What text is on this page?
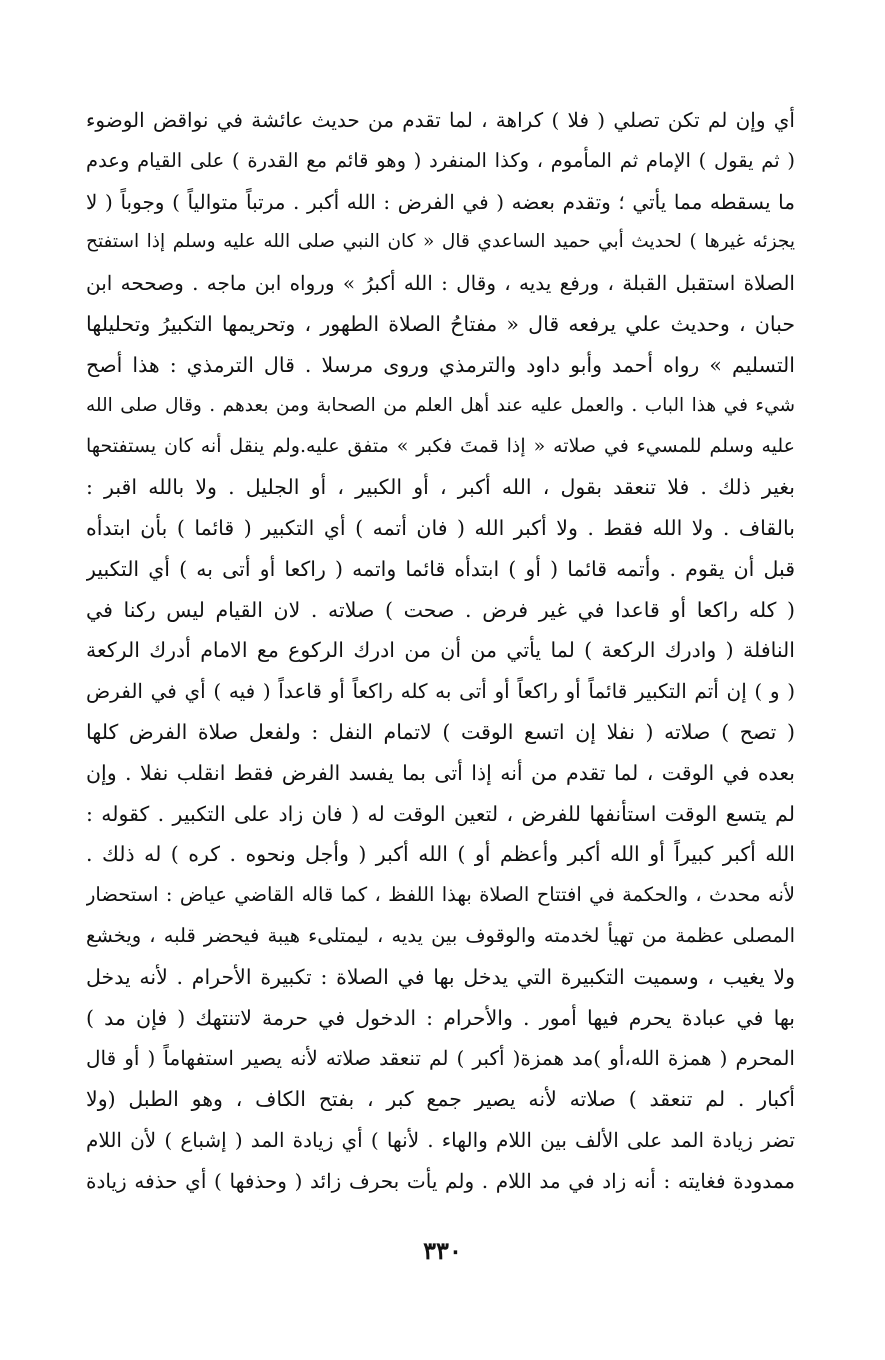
أي وإن لم تكن تصلي ( فلا ) كراهة ، لما تقدم من حديث عائشة في نواقض الوضوء
( ثم يقول ) الإمام ثم المأموم ، وكذا المنفرد ( وهو قائم مع القدرة ) على القيام وعدم
ما يسقطه مما يأتي ؛ وتقدم بعضه ( في الفرض : الله أكبر . مرتباً متوالياً ) وجوباً ( لا
يجزئه غيرها ) لحديث أبي حميد الساعدي قال « كان النبي صلى الله عليه وسلم إذا استفتح
الصلاة استقبل القبلة ، ورفع يديه ، وقال : الله أكبرُ » ورواه ابن ماجه . وصححه ابن
حبان ، وحديث علي يرفعه قال « مفتاحُ الصلاة الطهور ، وتحريمها التكبيرُ وتحليلها
التسليم » رواه أحمد وأبو داود والترمذي وروى مرسلا . قال الترمذي : هذا أصح
شيء في هذا الباب . والعمل عليه عند أهل العلم من الصحابة ومن بعدهم . وقال صلى الله
عليه وسلم للمسيء في صلاته « إذا قمتَ فكبر » متفق عليه.ولم ينقل أنه كان يستفتحها
بغير ذلك . فلا تنعقد بقول ، الله أكبر ، أو الكبير ، أو الجليل . ولا بالله اقبر :
بالقاف . ولا الله فقط . ولا أكبر الله ( فان أتمه ) أي التكبير ( قائما ) بأن ابتدأه
قبل أن يقوم . وأتمه قائما ( أو ) ابتدأه قائما واتمه ( راكعا أو أتى به ) أي التكبير
( كله راكعا أو قاعدا في غير فرض . صحت ) صلاته . لان القيام ليس ركنا في
النافلة ( وادرك الركعة ) لما يأتي من أن من ادرك الركوع مع الامام أدرك الركعة
( و ) إن أتم التكبير قائماً أو راكعاً أو أتى به كله راكعاً أو قاعداً ( فيه ) أي في الفرض
( تصح ) صلاته ( نفلا إن اتسع الوقت ) لاتمام النفل : ولفعل صلاة الفرض كلها
بعده في الوقت ، لما تقدم من أنه إذا أتى بما يفسد الفرض فقط انقلب نفلا . وإن
لم يتسع الوقت استأنفها للفرض ، لتعين الوقت له ( فان زاد على التكبير . كقوله :
الله أكبر كبيراً أو الله أكبر وأعظم أو ) الله أكبر ( وأجل ونحوه . كره ) له ذلك .
لأنه محدث ، والحكمة في افتتاح الصلاة بهذا اللفظ ، كما قاله القاضي عياض : استحضار
المصلى عظمة من تهيأ لخدمته والوقوف بين يديه ، ليمتلىء هيبة فيحضر قلبه ، ويخشع
ولا يغيب ، وسميت التكبيرة التي يدخل بها في الصلاة : تكبيرة الأحرام . لأنه يدخل
بها في عبادة يحرم فيها أمور . والأحرام : الدخول في حرمة لاتنتهك ( فإن مد )
المحرم ( همزة الله،أو )مد همزة( أكبر ) لم تنعقد صلاته لأنه يصير استفهاماً ( أو قال
أكبار . لم تنعقد ) صلاته لأنه يصير جمع كبر ، بفتح الكاف ، وهو الطبل (ولا
تضر زيادة المد على الألف بين اللام والهاء . لأنها ) أي زيادة المد ( إشباع ) لأن اللام
ممدودة فغايته : أنه زاد في مد اللام . ولم يأت بحرف زائد ( وحذفها ) أي حذفه زيادة
٣٣٠
